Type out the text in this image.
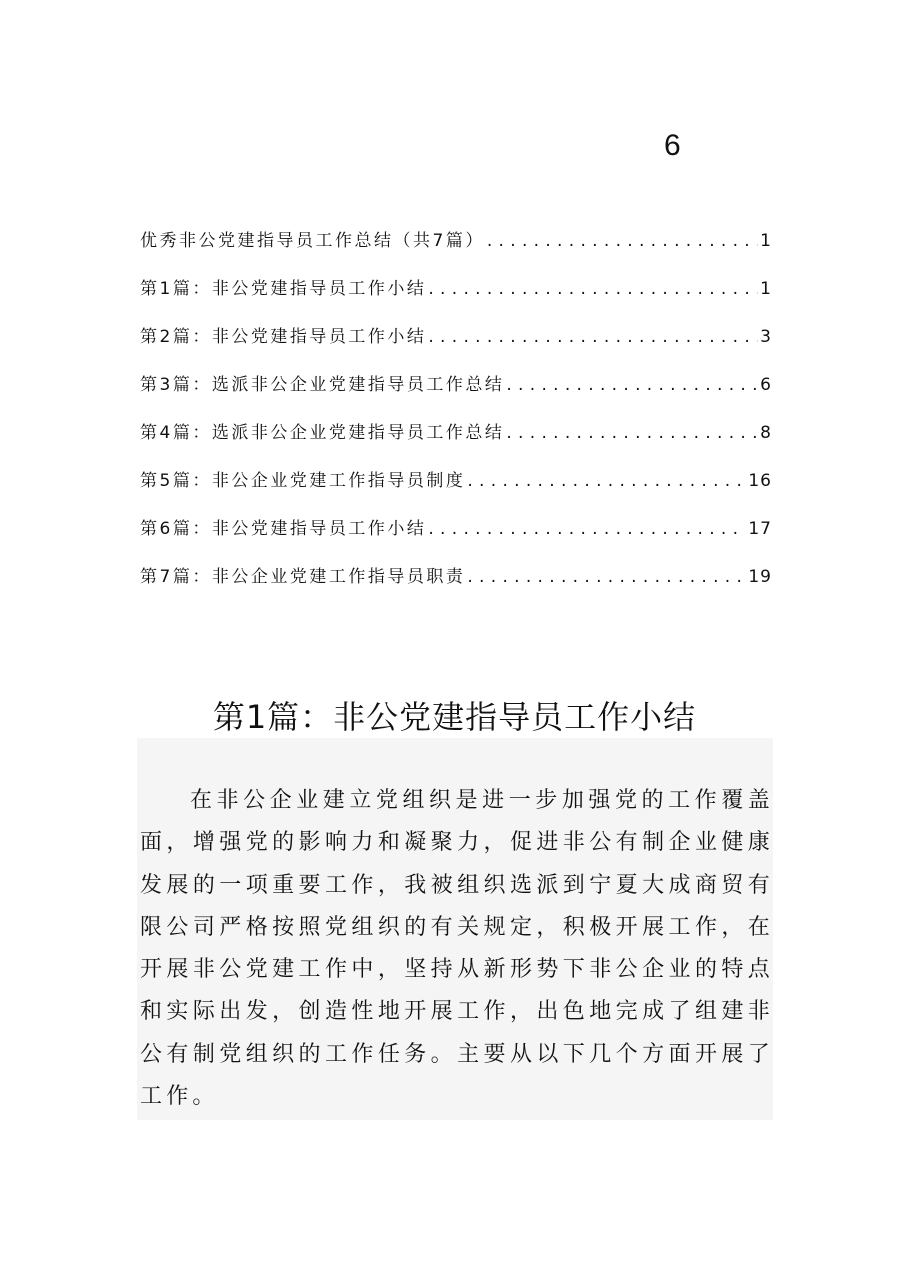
6
优秀非公党建指导员工作总结（共7篇） .....	1
第1篇：非公党建指导员工作小结 .....	1
第2篇：非公党建指导员工作小结 .....	3
第3篇：选派非公企业党建指导员工作总结 .....	6
第4篇：选派非公企业党建指导员工作总结 .....	8
第5篇：非公企业党建工作指导员制度 .....	16
第6篇：非公党建指导员工作小结 .....	17
第7篇：非公企业党建工作指导员职责 .....	19
第1篇：非公党建指导员工作小结

在非公企业建立党组织是进一步加强党的工作覆盖面，增强党的影响力和凝聚力，促进非公有制企业健康发展的一项重要工作，我被组织选派到宁夏大成商贸有限公司严格按照党组织的有关规定，积极开展工作，在开展非公党建工作中，坚持从新形势下非公企业的特点和实际出发，创造性地开展工作，出色地完成了组建非公有制党组织的工作任务。主要从以下几个方面开展了工作。
